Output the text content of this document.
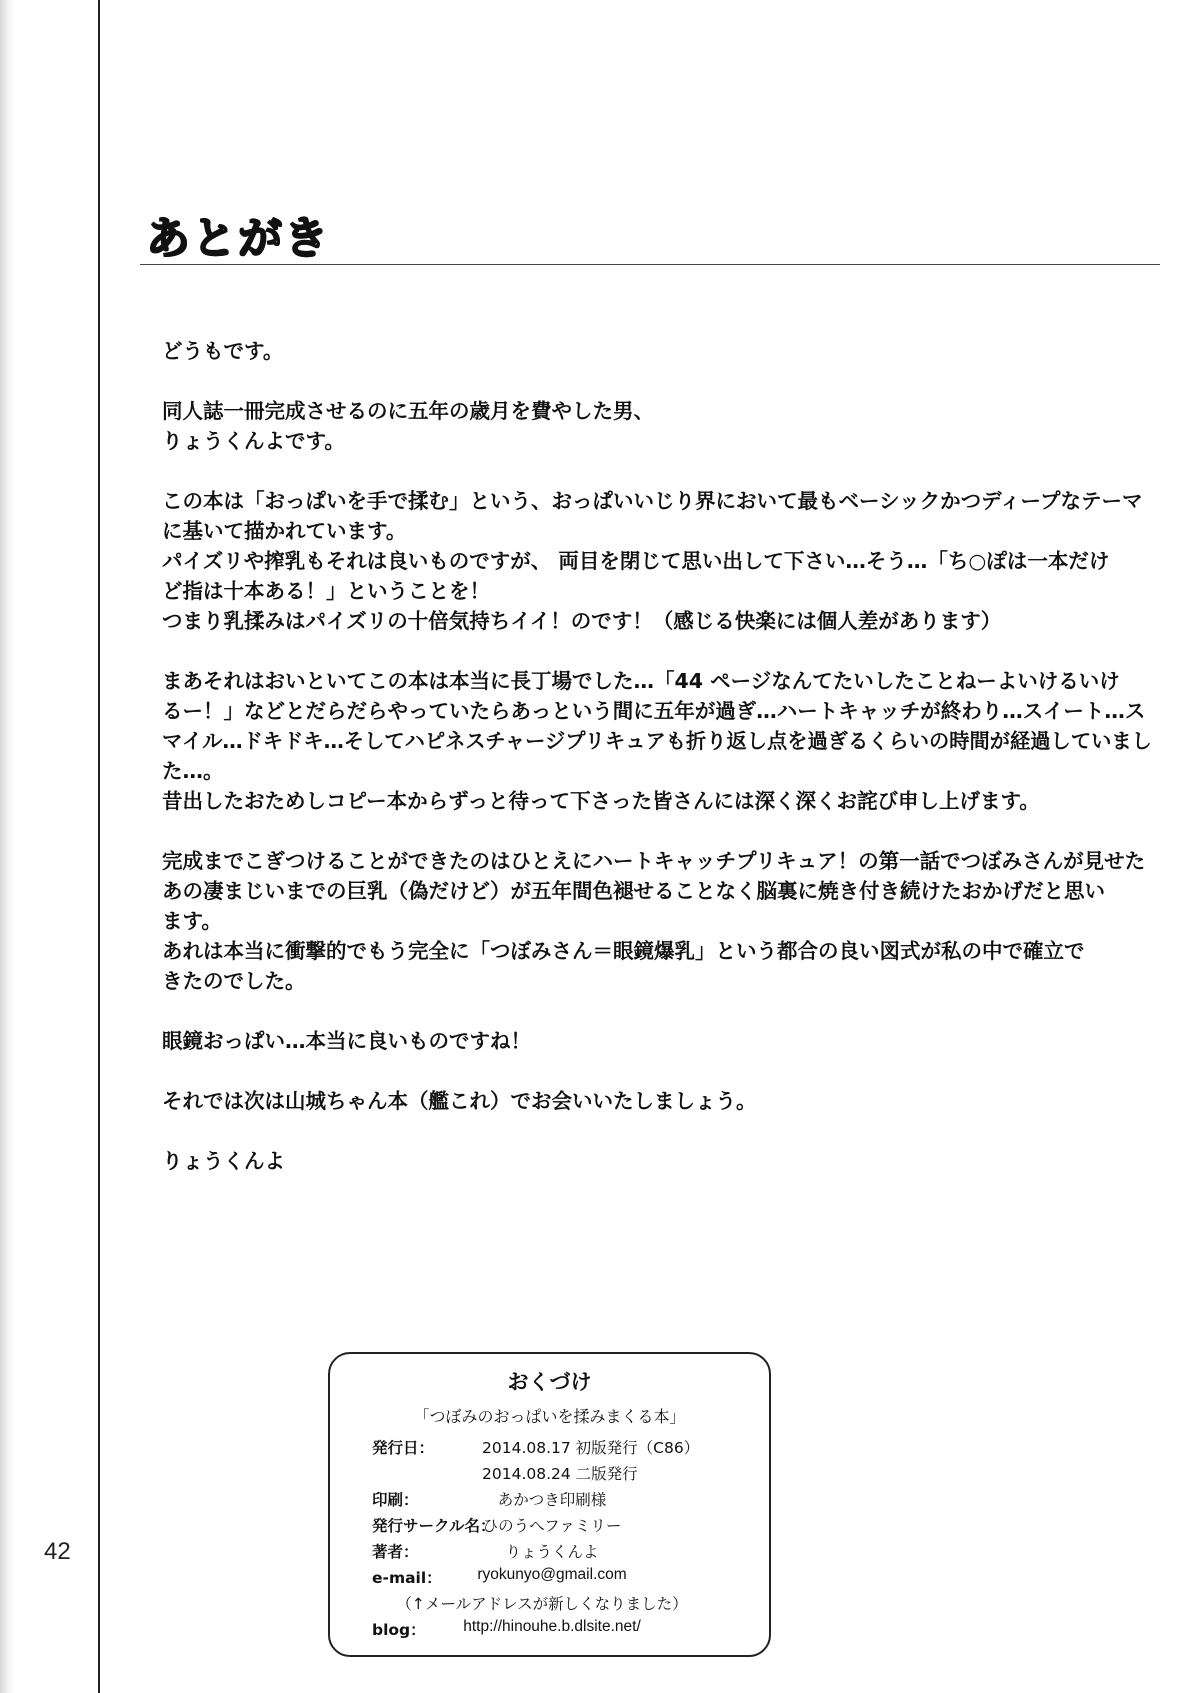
42
あとがき

どうもです。

同人誌一冊完成させるのに五年の歳月を費やした男、
りょうくんよです。

この本は「おっぱいを手で揉む」という、おっぱいいじり界において最もベーシックかつディープなテーマ
に基いて描かれています。
パイズリや搾乳もそれは良いものですが、 両目を閉じて思い出して下さい…そう…「ち○ぽは一本だけ
ど指は十本ある！」ということを！
つまり乳揉みはパイズリの十倍気持ちイイ！のです！（感じる快楽には個人差があります）

まあそれはおいといてこの本は本当に長丁場でした…「44 ページなんてたいしたことねーよいけるいけ
るー！」などとだらだらやっていたらあっという間に五年が過ぎ…ハートキャッチが終わり…スイート…ス
マイル…ドキドキ…そしてハピネスチャージプリキュアも折り返し点を過ぎるくらいの時間が経過していまし
た…。
昔出したおためしコピー本からずっと待って下さった皆さんには深く深くお詫び申し上げます。

完成までこぎつけることができたのはひとえにハートキャッチプリキュア！の第一話でつぼみさんが見せた
あの凄まじいまでの巨乳（偽だけど）が五年間色褪せることなく脳裏に焼き付き続けたおかげだと思い
ます。
あれは本当に衝撃的でもう完全に「つぼみさん＝眼鏡爆乳」という都合の良い図式が私の中で確立で
きたのでした。

眼鏡おっぱい…本当に良いものですね！

それでは次は山城ちゃん本（艦これ）でお会いいたしましょう。

りょうくんよ

おくづけ
「つぼみのおっぱいを揉みまくる本」
発行日：	2014.08.17 初版発行（C86）
2014.08.24 二版発行
印刷：	あかつき印刷様
発行サークル名：
ひのうへファミリー
著者：	りょうくんよ
e-mail：	ryokunyo@gmail.com
（↑メールアドレスが新しくなりました）
blog：	http://hinouhe.b.dlsite.net/
